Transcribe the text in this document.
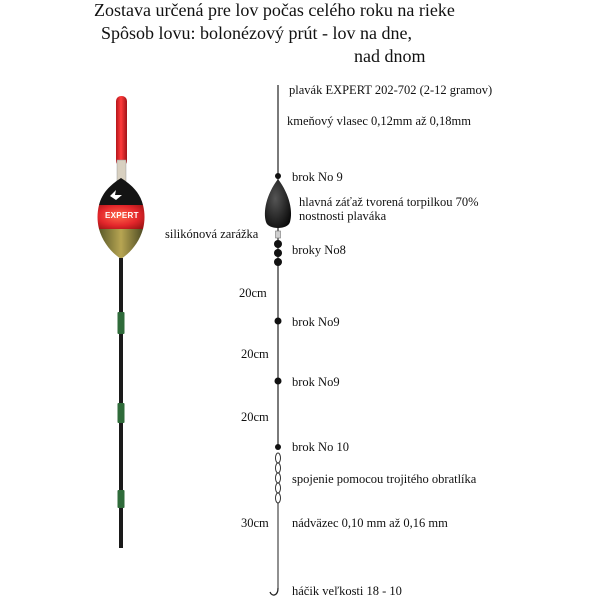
Zostava určená pre lov počas celého roku na rieke
Spôsob lovu: bolonézový prút - lov na dne,
nad dnom
plavák EXPERT 202-702 (2-12 gramov)
kmeňový vlasec 0,12mm až 0,18mm
brok No 9
hlavná záťaž tvorená torpilkou 70%
nostnosti plaváka
silikónová zarážka
broky No8
20cm
brok No9
20cm
brok No9
20cm
brok No 10
spojenie pomocou trojitého obratlíka
30cm nádväzec 0,10 mm až 0,16 mm
háčik veľkosti 18 - 10
EXPERT
